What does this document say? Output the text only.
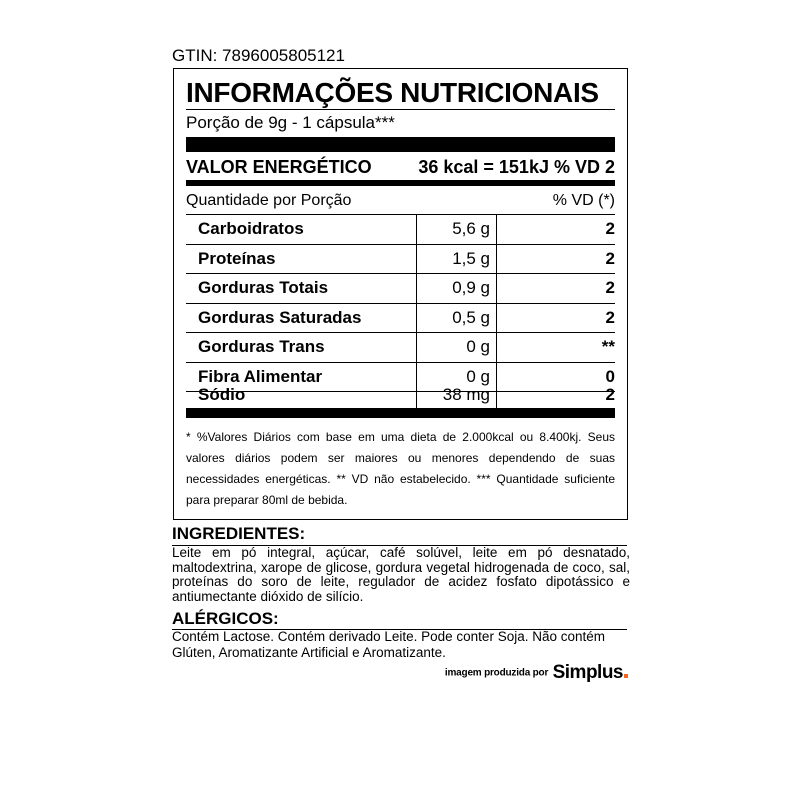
GTIN: 7896005805121
INFORMAÇÕES NUTRICIONAIS
Porção de 9g - 1 cápsula***
VALOR ENERGÉTICO	36 kcal = 151kJ % VD 2
Quantidade por Porção	% VD (*)
Carboidratos	5,6 g	2
Proteínas	1,5 g	2
Gorduras Totais	0,9 g	2
Gorduras Saturadas	0,5 g	2
Gorduras Trans	0 g	**
Fibra Alimentar	0 g	0
Sódio	38 mg	2
* %Valores Diários com base em uma dieta de 2.000kcal ou 8.400kj. Seus
valores diários podem ser maiores ou menores dependendo de suas
necessidades energéticas. ** VD não estabelecido. *** Quantidade suficiente
para preparar 80ml de bebida.
INGREDIENTES:
Leite em pó integral, açúcar, café solúvel, leite em pó desnatado,
maltodextrina, xarope de glicose, gordura vegetal hidrogenada de coco, sal,
proteínas do soro de leite, regulador de acidez fosfato dipotássico e
antiumectante dióxido de silício.
ALÉRGICOS:
Contém Lactose. Contém derivado Leite. Pode conter Soja. Não contém
Glúten, Aromatizante Artificial e Aromatizante.
imagem produzida por Simplus
